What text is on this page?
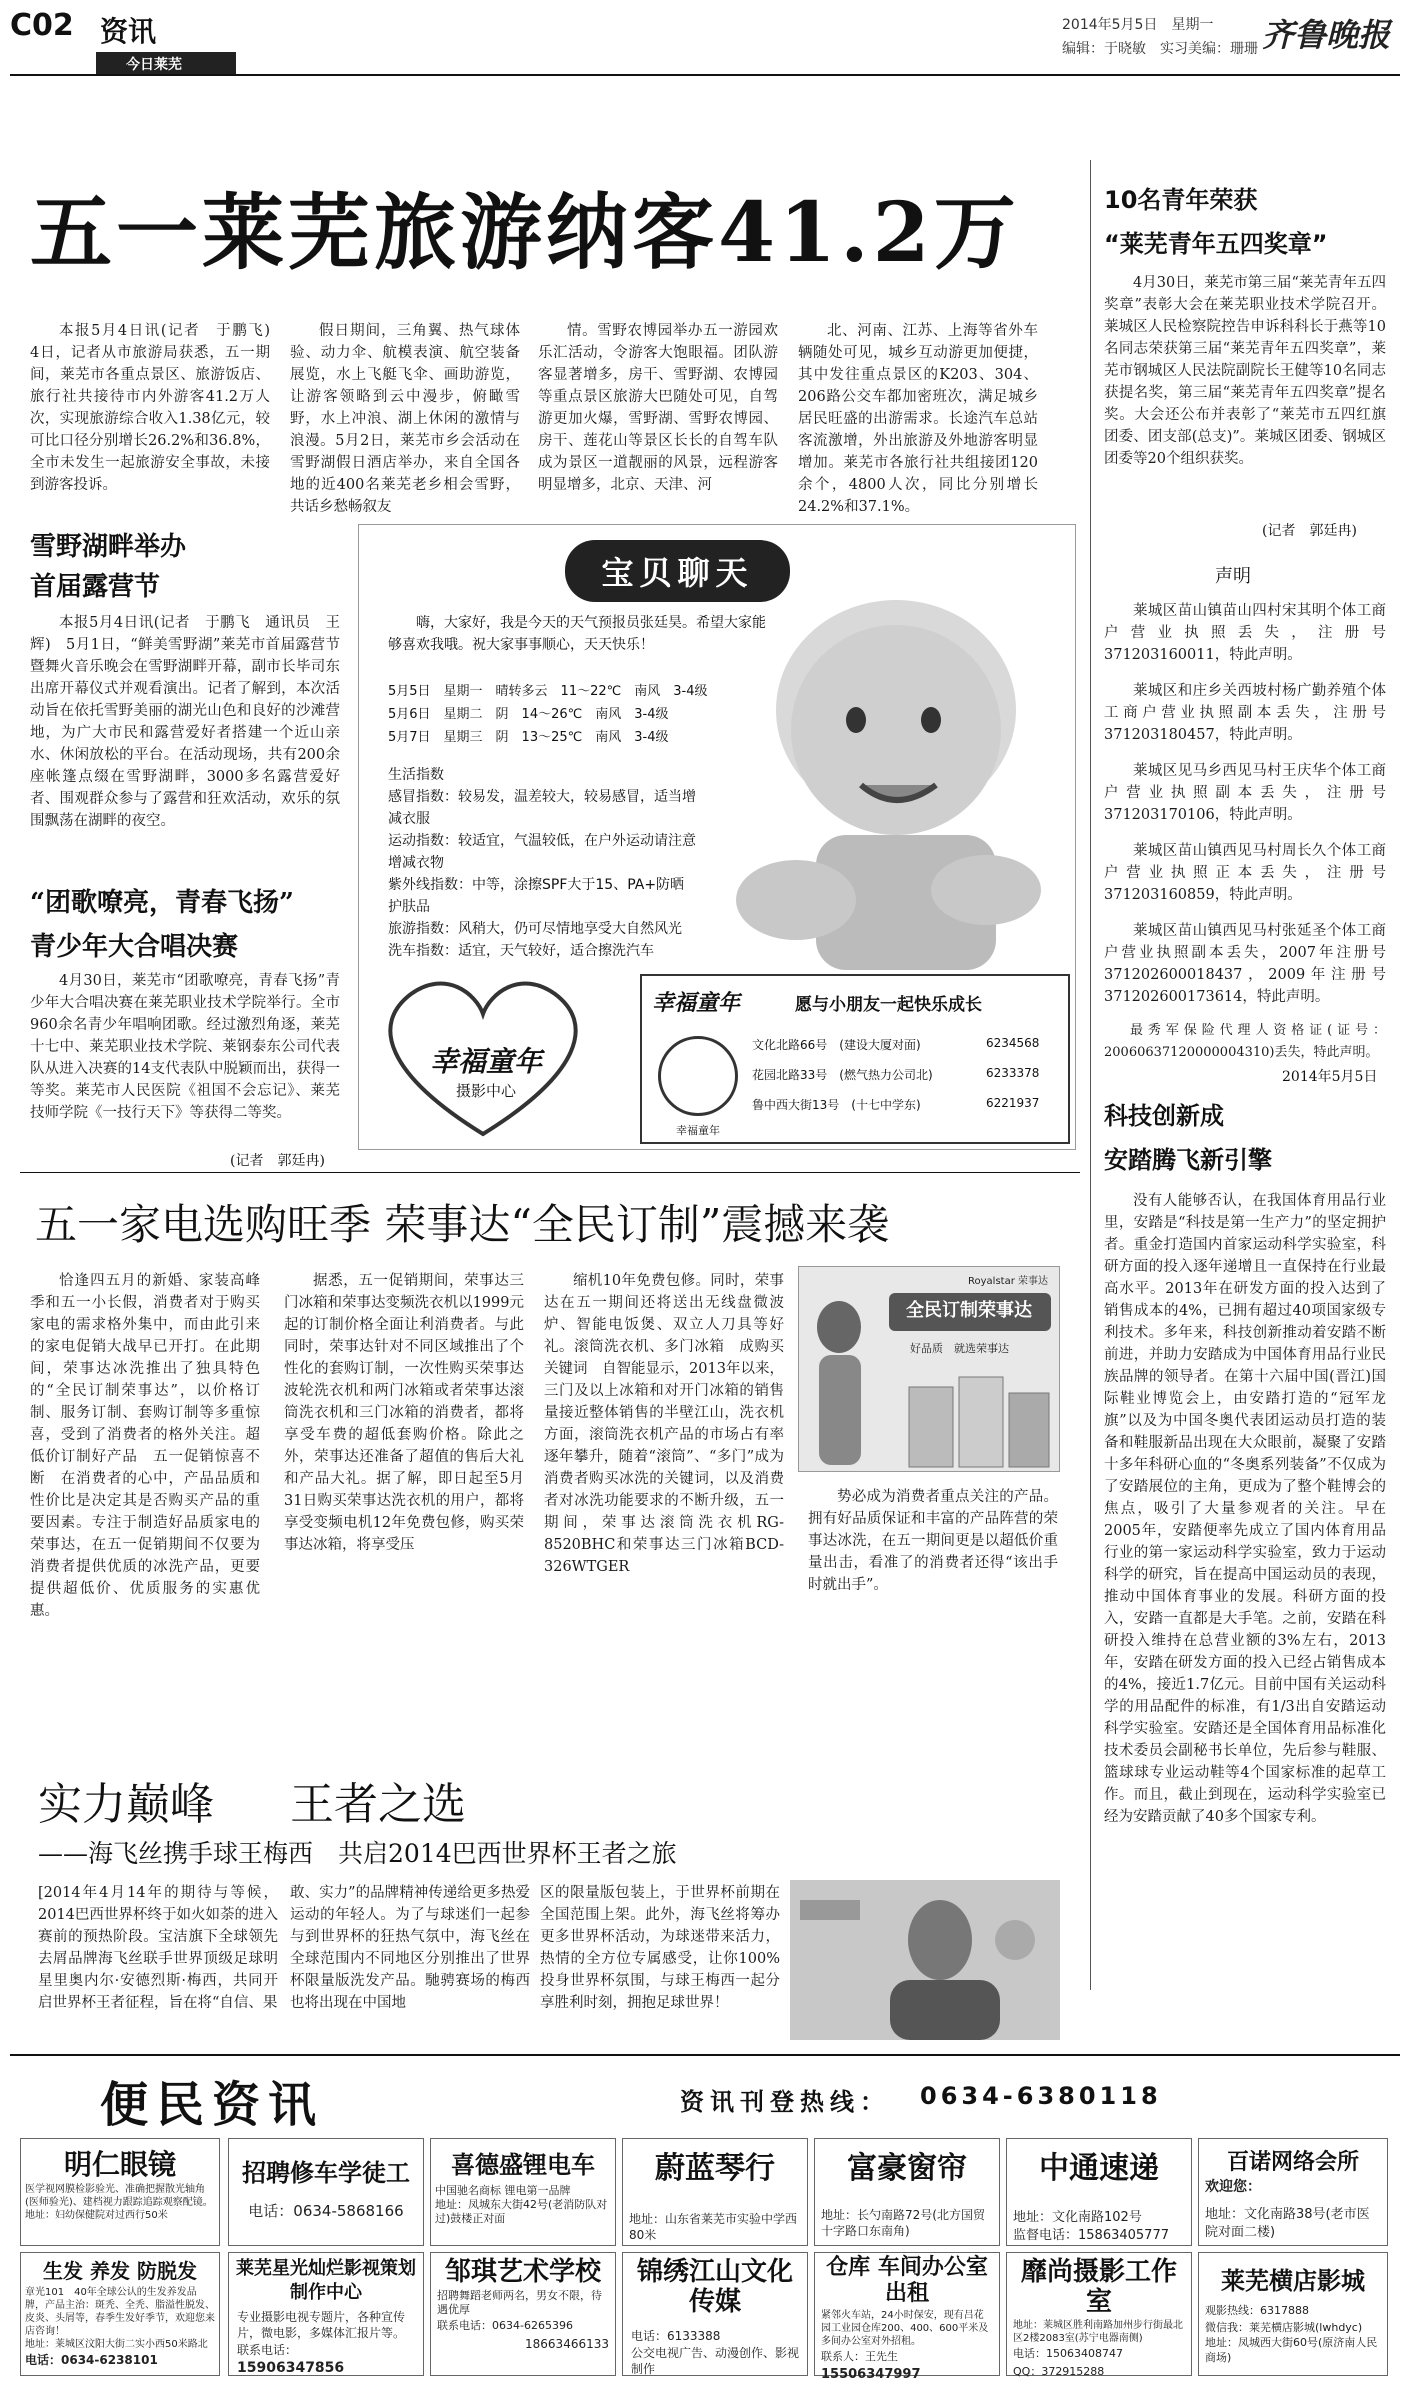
C02 资讯
今日莱芜
2014年5月5日　星期一
编辑：于晓敏　实习美编：珊珊 齐鲁晚报
五一莱芜旅游纳客41.2万
本报5月4日讯(记者　于鹏飞)　4日，记者从市旅游局获悉，五一期间，莱芜市各重点景区、旅游饭店、旅行社共接待市内外游客41.2万人次，实现旅游综合收入1.38亿元，较可比口径分别增长26.2%和36.8%，全市未发生一起旅游安全事故，未接到游客投诉。
假日期间，三角翼、热气球体验、动力伞、航模表演、航空装备展览，水上飞艇飞伞、画助游览，让游客领略到云中漫步，俯瞰雪野，水上冲浪、湖上休闲的激情与浪漫。5月2日，莱芜市乡会活动在雪野湖假日酒店举办，来自全国各地的近400名莱芜老乡相会雪野，共话乡愁畅叙友
情。雪野农博园举办五一游园欢乐汇活动，令游客大饱眼福。团队游客显著增多，房干、雪野湖、农博园等重点景区旅游大巴随处可见，自驾游更加火爆，雪野湖、雪野农博园、房干、莲花山等景区长长的自驾车队成为景区一道靓丽的风景，远程游客明显增多，北京、天津、河
北、河南、江苏、上海等省外车辆随处可见，城乡互动游更加便捷，其中发往重点景区的K203、304、206路公交车都加密班次，满足城乡居民旺盛的出游需求。长途汽车总站客流激增，外出旅游及外地游客明显增加。莱芜市各旅行社共组接团120余个，4800人次，同比分别增长24.2%和37.1%。
雪野湖畔举办
首届露营节
本报5月4日讯(记者　于鹏飞　通讯员　王辉)　5月1日，“鲜美雪野湖”莱芜市首届露营节暨舞火音乐晚会在雪野湖畔开幕，副市长毕司东出席开幕仪式并观看演出。记者了解到，本次活动旨在依托雪野美丽的湖光山色和良好的沙滩营地，为广大市民和露营爱好者搭建一个近山亲水、休闲放松的平台。在活动现场，共有200余座帐篷点缀在雪野湖畔，3000多名露营爱好者、围观群众参与了露营和狂欢活动，欢乐的氛围飘荡在湖畔的夜空。
“团歌嘹亮，青春飞扬”
青少年大合唱决赛
4月30日，莱芜市“团歌嘹亮，青春飞扬”青少年大合唱决赛在莱芜职业技术学院举行。全市960余名青少年唱响团歌。经过激烈角逐，莱芜十七中、莱芜职业技术学院、莱钢泰东公司代表队从进入决赛的14支代表队中脱颖而出，获得一等奖。莱芜市人民医院《祖国不会忘记》、莱芜技师学院《一技行天下》等获得二等奖。
(记者　郭廷冉)
宝贝聊天
嗨，大家好，我是今天的天气预报员张廷昊。希望大家能够喜欢我哦。祝大家事事顺心，天天快乐！
5月5日　星期一　晴转多云　11～22℃　南风　3-4级
5月6日　星期二　阴　14～26℃　南风　3-4级
5月7日　星期三　阴　13～25℃　南风　3-4级
生活指数
感冒指数：较易发，温差较大，较易感冒，适当增减衣服
运动指数：较适宜，气温较低，在户外运动请注意增减衣物
紫外线指数：中等，涂擦SPF大于15、PA+防晒护肤品
旅游指数：风稍大，仍可尽情地享受大自然风光
洗车指数：适宜，天气较好，适合擦洗汽车
幸福童年
摄影中心
幸福童年	愿与小朋友一起快乐成长
幸福童年
文化北路66号　(建设大厦对面)	6234568
花园北路33号　(燃气热力公司北)	6233378
鲁中西大街13号　(十七中学东)	6221937
10名青年荣获
“莱芜青年五四奖章”
4月30日，莱芜市第三届“莱芜青年五四奖章”表彰大会在莱芜职业技术学院召开。莱城区人民检察院控告申诉科科长于燕等10名同志荣获第三届“莱芜青年五四奖章”，莱芜市钢城区人民法院副院长王健等10名同志获提名奖，第三届“莱芜青年五四奖章”提名奖。大会还公布并表彰了“莱芜市五四红旗团委、团支部(总支)”。莱城区团委、钢城区团委等20个组织获奖。
(记者　郭廷冉)
声明
莱城区苗山镇苗山四村宋其明个体工商户营业执照丢失，注册号371203160011，特此声明。
莱城区和庄乡关西坡村杨广勤养殖个体工商户营业执照副本丢失，注册号371203180457，特此声明。
莱城区见马乡西见马村王庆华个体工商户营业执照副本丢失，注册号371203170106，特此声明。
莱城区苗山镇西见马村周长久个体工商户营业执照正本丢失，注册号371203160859，特此声明。
莱城区苗山镇西见马村张延圣个体工商户营业执照副本丢失，2007年注册号371202600018437，2009年注册号371202600173614，特此声明。
最秀军保险代理人资格证(证号：20060637120000004310)丢失，特此声明。
2014年5月5日
科技创新成
安踏腾飞新引擎
没有人能够否认，在我国体育用品行业里，安踏是“科技是第一生产力”的坚定拥护者。重金打造国内首家运动科学实验室，科研方面的投入逐年递增且一直保持在行业最高水平。2013年在研发方面的投入达到了销售成本的4%，已拥有超过40项国家级专利技术。多年来，科技创新推动着安踏不断前进，并助力安踏成为中国体育用品行业民族品牌的领导者。在第十六届中国(晋江)国际鞋业博览会上，由安踏打造的“冠军龙旗”以及为中国冬奥代表团运动员打造的装备和鞋服新品出现在大众眼前，凝聚了安踏十多年科研心血的“冬奥系列装备”不仅成为了安踏展位的主角，更成为了整个鞋博会的焦点，吸引了大量参观者的关注。早在2005年，安踏便率先成立了国内体育用品行业的第一家运动科学实验室，致力于运动科学的研究，旨在提高中国运动员的表现，推动中国体育事业的发展。科研方面的投入，安踏一直都是大手笔。之前，安踏在科研投入维持在总营业额的3%左右，2013年，安踏在研发方面的投入已经占销售成本的4%，接近1.7亿元。目前中国有关运动科学的用品配件的标准，有1/3出自安踏运动科学实验室。安踏还是全国体育用品标准化技术委员会副秘书长单位，先后参与鞋服、篮球球专业运动鞋等4个国家标准的起草工作。而且，截止到现在，运动科学实验室已经为安踏贡献了40多个国家专利。
五一家电选购旺季 荣事达“全民订制”震撼来袭
恰逢四五月的新婚、家装高峰季和五一小长假，消费者对于购买家电的需求格外集中，而由此引来的家电促销大战早已开打。在此期间，荣事达冰洗推出了独具特色的“全民订制荣事达”，以价格订制、服务订制、套购订制等多重惊喜，受到了消费者的格外关注。超低价订制好产品　五一促销惊喜不断　在消费者的心中，产品品质和性价比是决定其是否购买产品的重要因素。专注于制造好品质家电的荣事达，在五一促销期间不仅要为消费者提供优质的冰洗产品，更要提供超低价、优质服务的实惠优惠。
据悉，五一促销期间，荣事达三门冰箱和荣事达变频洗衣机以1999元起的订制价格全面让利消费者。与此同时，荣事达针对不同区域推出了个性化的套购订制，一次性购买荣事达波轮洗衣机和两门冰箱或者荣事达滚筒洗衣机和三门冰箱的消费者，都将享受车费的超低套购价格。除此之外，荣事达还准备了超值的售后大礼和产品大礼。据了解，即日起至5月31日购买荣事达洗衣机的用户，都将享受变频电机12年免费包修，购买荣事达冰箱，将享受压
缩机10年免费包修。同时，荣事达在五一期间还将送出无线盘微波炉、智能电饭煲、双立人刀具等好礼。滚筒洗衣机、多门冰箱　成购买关键词　自智能显示，2013年以来，三门及以上冰箱和对开门冰箱的销售量接近整体销售的半壁江山，洗衣机方面，滚筒洗衣机产品的市场占有率逐年攀升，随着“滚筒”、“多门”成为消费者购买冰洗的关键词，以及消费者对冰洗功能要求的不断升级，五一期间，荣事达滚筒洗衣机RG-8520BHC和荣事达三门冰箱BCD-326WTGER
Royalstar 荣事达
全民订制荣事达
好品质　就选荣事达
势必成为消费者重点关注的产品。拥有好品质保证和丰富的产品阵营的荣事达冰洗，在五一期间更是以超低价重量出击，看准了的消费者还得“该出手时就出手”。
实力巅峰 王者之选
——海飞丝携手球王梅西　共启2014巴西世界杯王者之旅
[2014年4月14年的期待与等候，2014巴西世界杯终于如火如荼的进入赛前的预热阶段。宝洁旗下全球领先去屑品牌海飞丝联手世界顶级足球明星里奥内尔·安德烈斯·梅西，共同开启世界杯王者征程，旨在将“自信、果
敢、实力”的品牌精神传递给更多热爱运动的年轻人。为了与球迷们一起参与到世界杯的狂热气氛中，海飞丝在全球范围内不同地区分别推出了世界杯限量版洗发产品。馳骋赛场的梅西也将出现在中国地
区的限量版包装上，于世界杯前期在全国范围上架。此外，海飞丝将筹办更多世界杯活动，为球迷带来活力，热情的全方位专属感受，让你100%投身世界杯氛围，与球王梅西一起分享胜利时刻，拥抱足球世界！
便民资讯	资讯刊登热线： 0634-6380118
明仁眼镜
医学视网膜检影验光、准确把握散光轴角(医师验光)、建档视力跟踪追踪观察配镜。
地址：妇幼保健院对过西行50米
招聘修车学徒工
电话：0634-5868166
喜德盛锂电车
中国驰名商标 锂电第一品牌
地址：凤城东大街42号(老消防队对过)鼓楼正对面
蔚蓝琴行
地址：山东省莱芜市实验中学西80米
富豪窗帘
地址：长勺南路72号(北方国贸十字路口东南角)
中通速递
地址：文化南路102号
监督电话：15863405777
百诺网络会所
欢迎您：
地址：文化南路38号(老市医院对面二楼)
生发 养发 防脱发
章光101　40年全球公认的生发养发品牌，产品主治：斑秃、全秃、脂溢性脱发、皮炎、头屑等，春季生发好季节，欢迎您来店咨询！
地址：莱城区汶阳大街二实小西50米路北
电话：0634-6238101
莱芜星光灿烂影视策划制作中心
专业摄影电视专题片，各种宣传片，微电影，多媒体汇报片等。
联系电话：
15906347856
邹琪艺术学校
招聘舞蹈老师两名，男女不限，待遇优厚
联系电话：0634-6265396
18663466133
锦绣江山文化传媒
电话：6133388
公交电视广告、动漫创作、影视制作
仓库 车间办公室出租
紧邻火车站，24小时保安，现有吕花园工业园仓库200、400、600平米及多间办公室对外招租。
联系人：王先生
15506347997
靡尚摄影工作室
地址：莱城区胜利南路加州步行街最北区2楼2083室(苏宁电器南侧)
电话：15063408747
QQ：372915288
莱芜横店影城
观影热线：6317888
微信我：莱芜横店影城(lwhdyc)
地址：凤城西大街60号(原济南人民商场)
